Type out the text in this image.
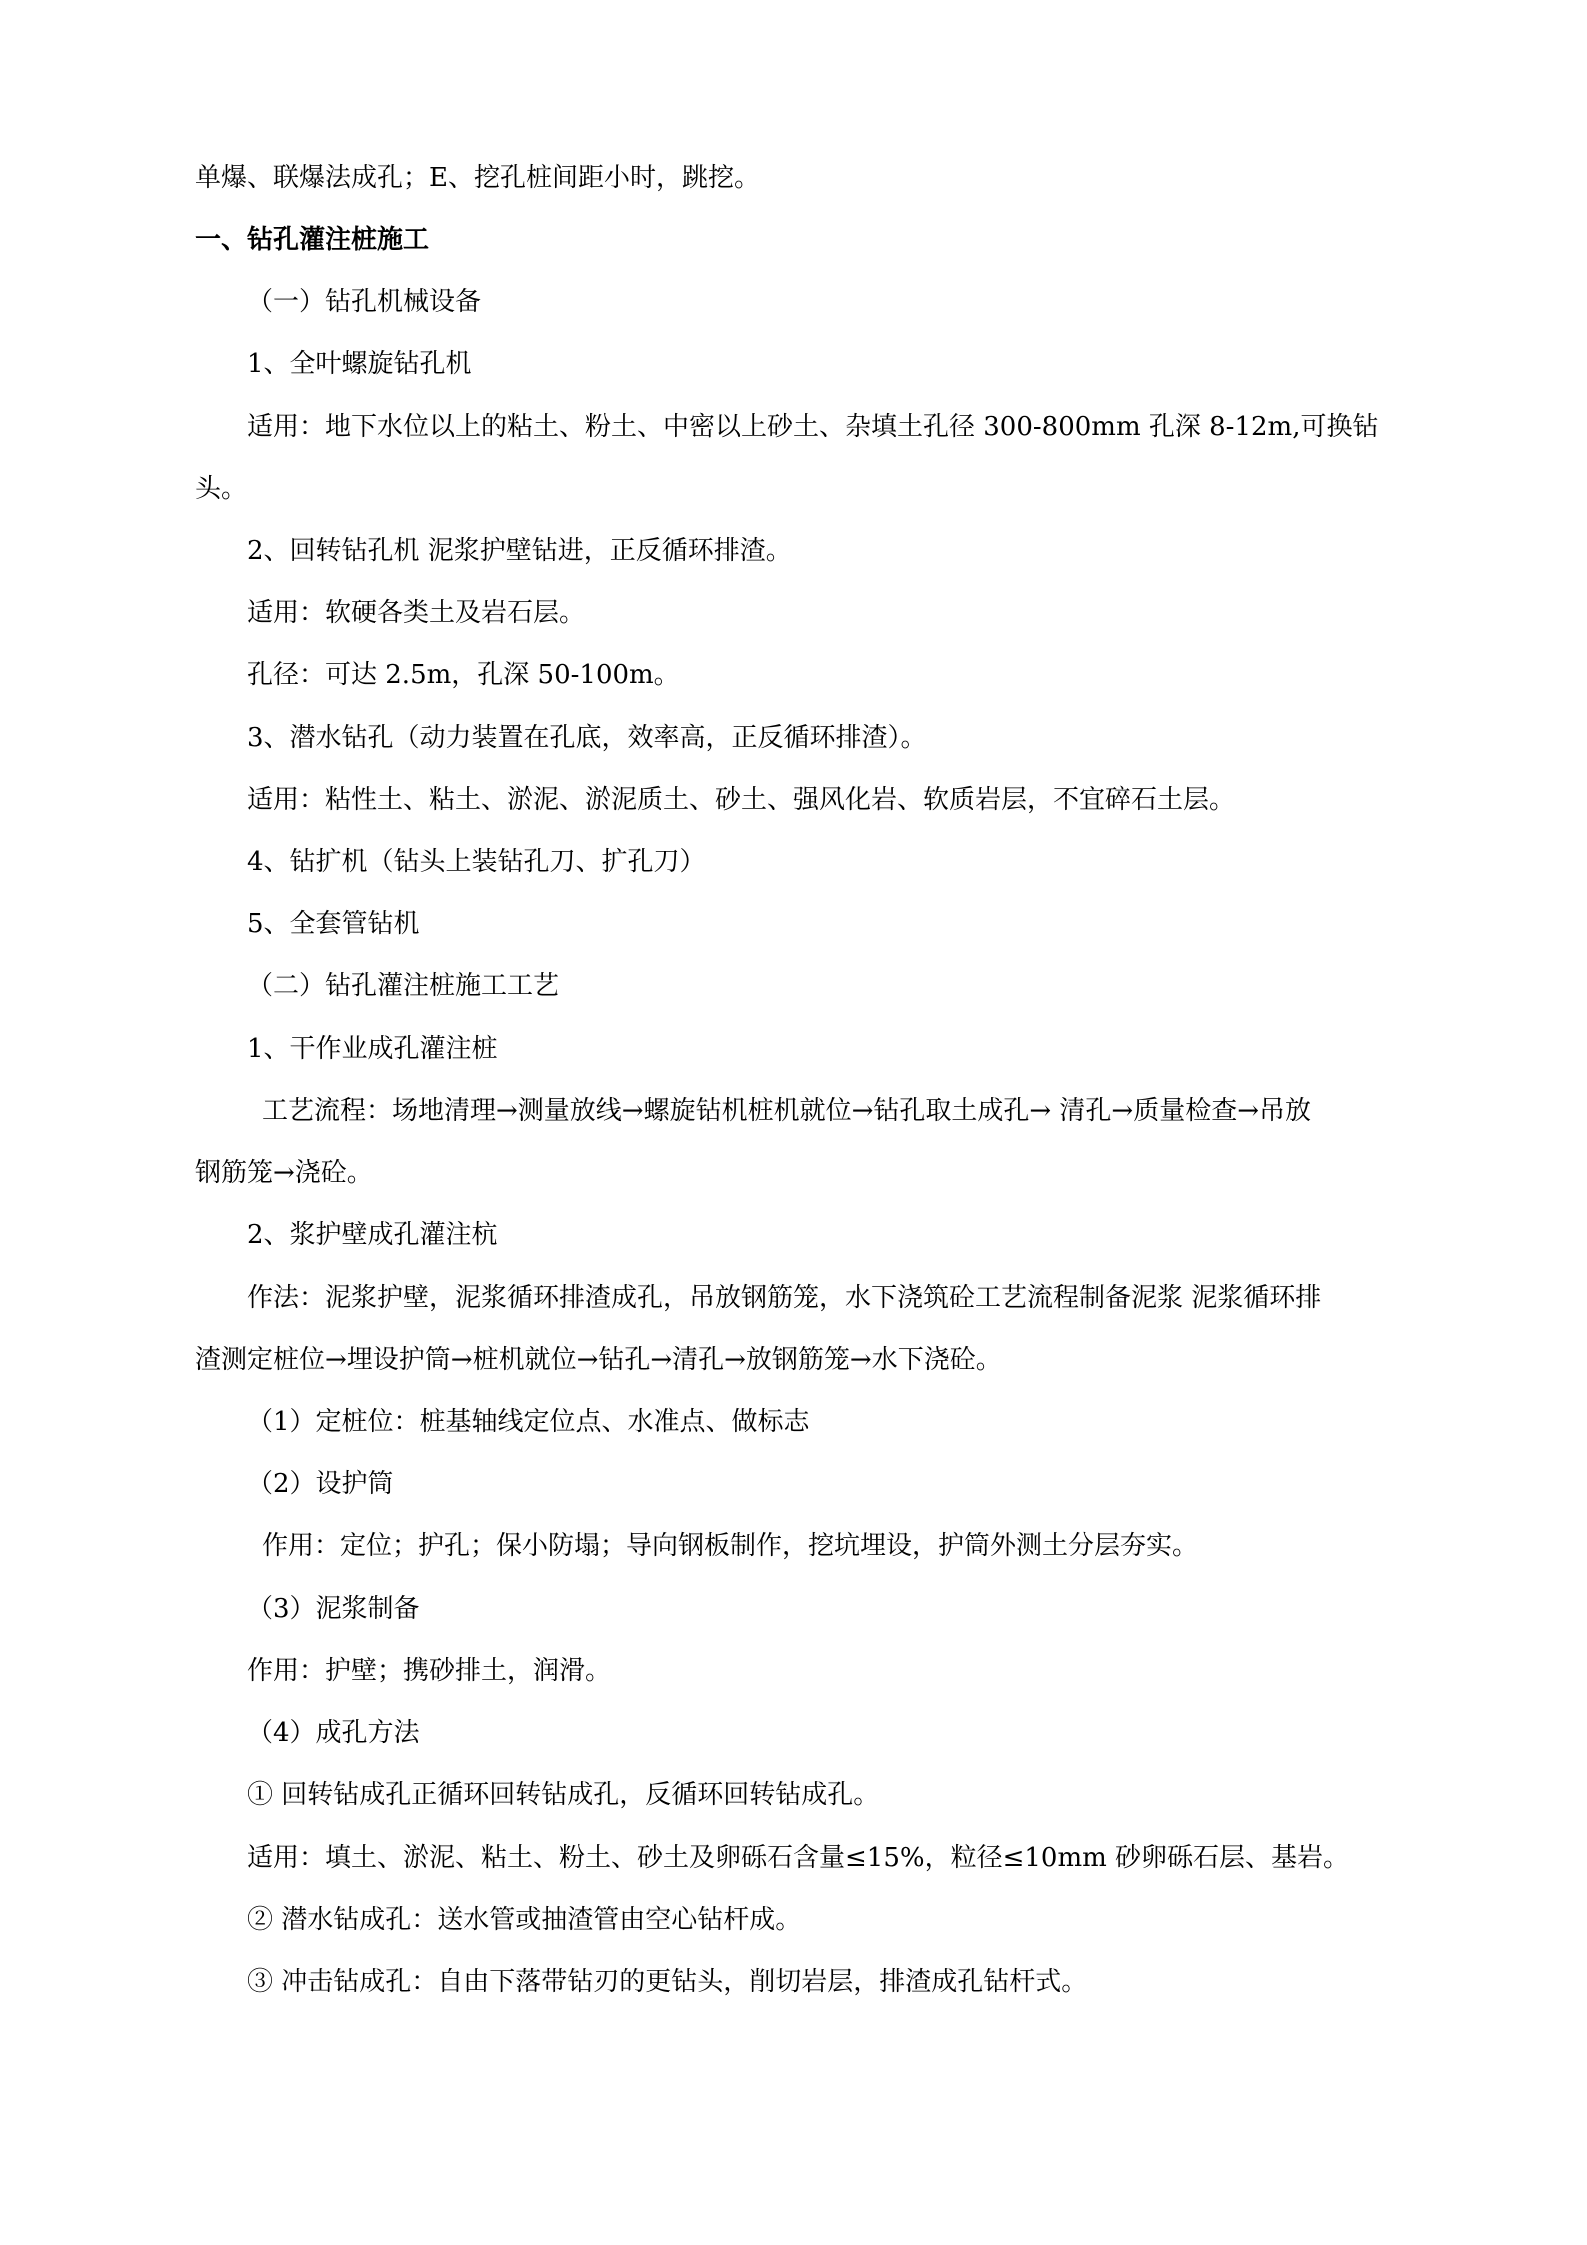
单爆、联爆法成孔；E、挖孔桩间距小时，跳挖。
一、钻孔灌注桩施工
（一）钻孔机械设备
1、全叶螺旋钻孔机
适用：地下水位以上的粘土、粉土、中密以上砂土、杂填土孔径 300-800mm 孔深 8-12m,可换钻
头。
2、回转钻孔机 泥浆护壁钻进，正反循环排渣。
适用：软硬各类土及岩石层。
孔径：可达 2.5m，孔深 50-100m。
3、潜水钻孔（动力装置在孔底，效率高，正反循环排渣）。
适用：粘性土、粘土、淤泥、淤泥质土、砂土、强风化岩、软质岩层，不宜碎石土层。
4、钻扩机（钻头上装钻孔刀、扩孔刀）
5、全套管钻机
（二）钻孔灌注桩施工工艺
1、干作业成孔灌注桩
工艺流程：场地清理→测量放线→螺旋钻机桩机就位→钻孔取土成孔→ 清孔→质量检查→吊放
钢筋笼→浇砼。
2、浆护壁成孔灌注杭
作法：泥浆护壁，泥浆循环排渣成孔，吊放钢筋笼，水下浇筑砼工艺流程制备泥浆 泥浆循环排
渣测定桩位→埋设护筒→桩机就位→钻孔→清孔→放钢筋笼→水下浇砼。
（1）定桩位：桩基轴线定位点、水准点、做标志
（2）设护筒
作用：定位；护孔；保小防塌；导向钢板制作，挖坑埋设，护筒外测土分层夯实。
（3）泥浆制备
作用：护壁；携砂排土，润滑。
（4）成孔方法
① 回转钻成孔正循环回转钻成孔，反循环回转钻成孔。
适用：填土、淤泥、粘土、粉土、砂土及卵砾石含量≤15%，粒径≤10mm 砂卵砾石层、基岩。
② 潜水钻成孔：送水管或抽渣管由空心钻杆成。
③ 冲击钻成孔：自由下落带钻刃的更钻头，削切岩层，排渣成孔钻杆式。
